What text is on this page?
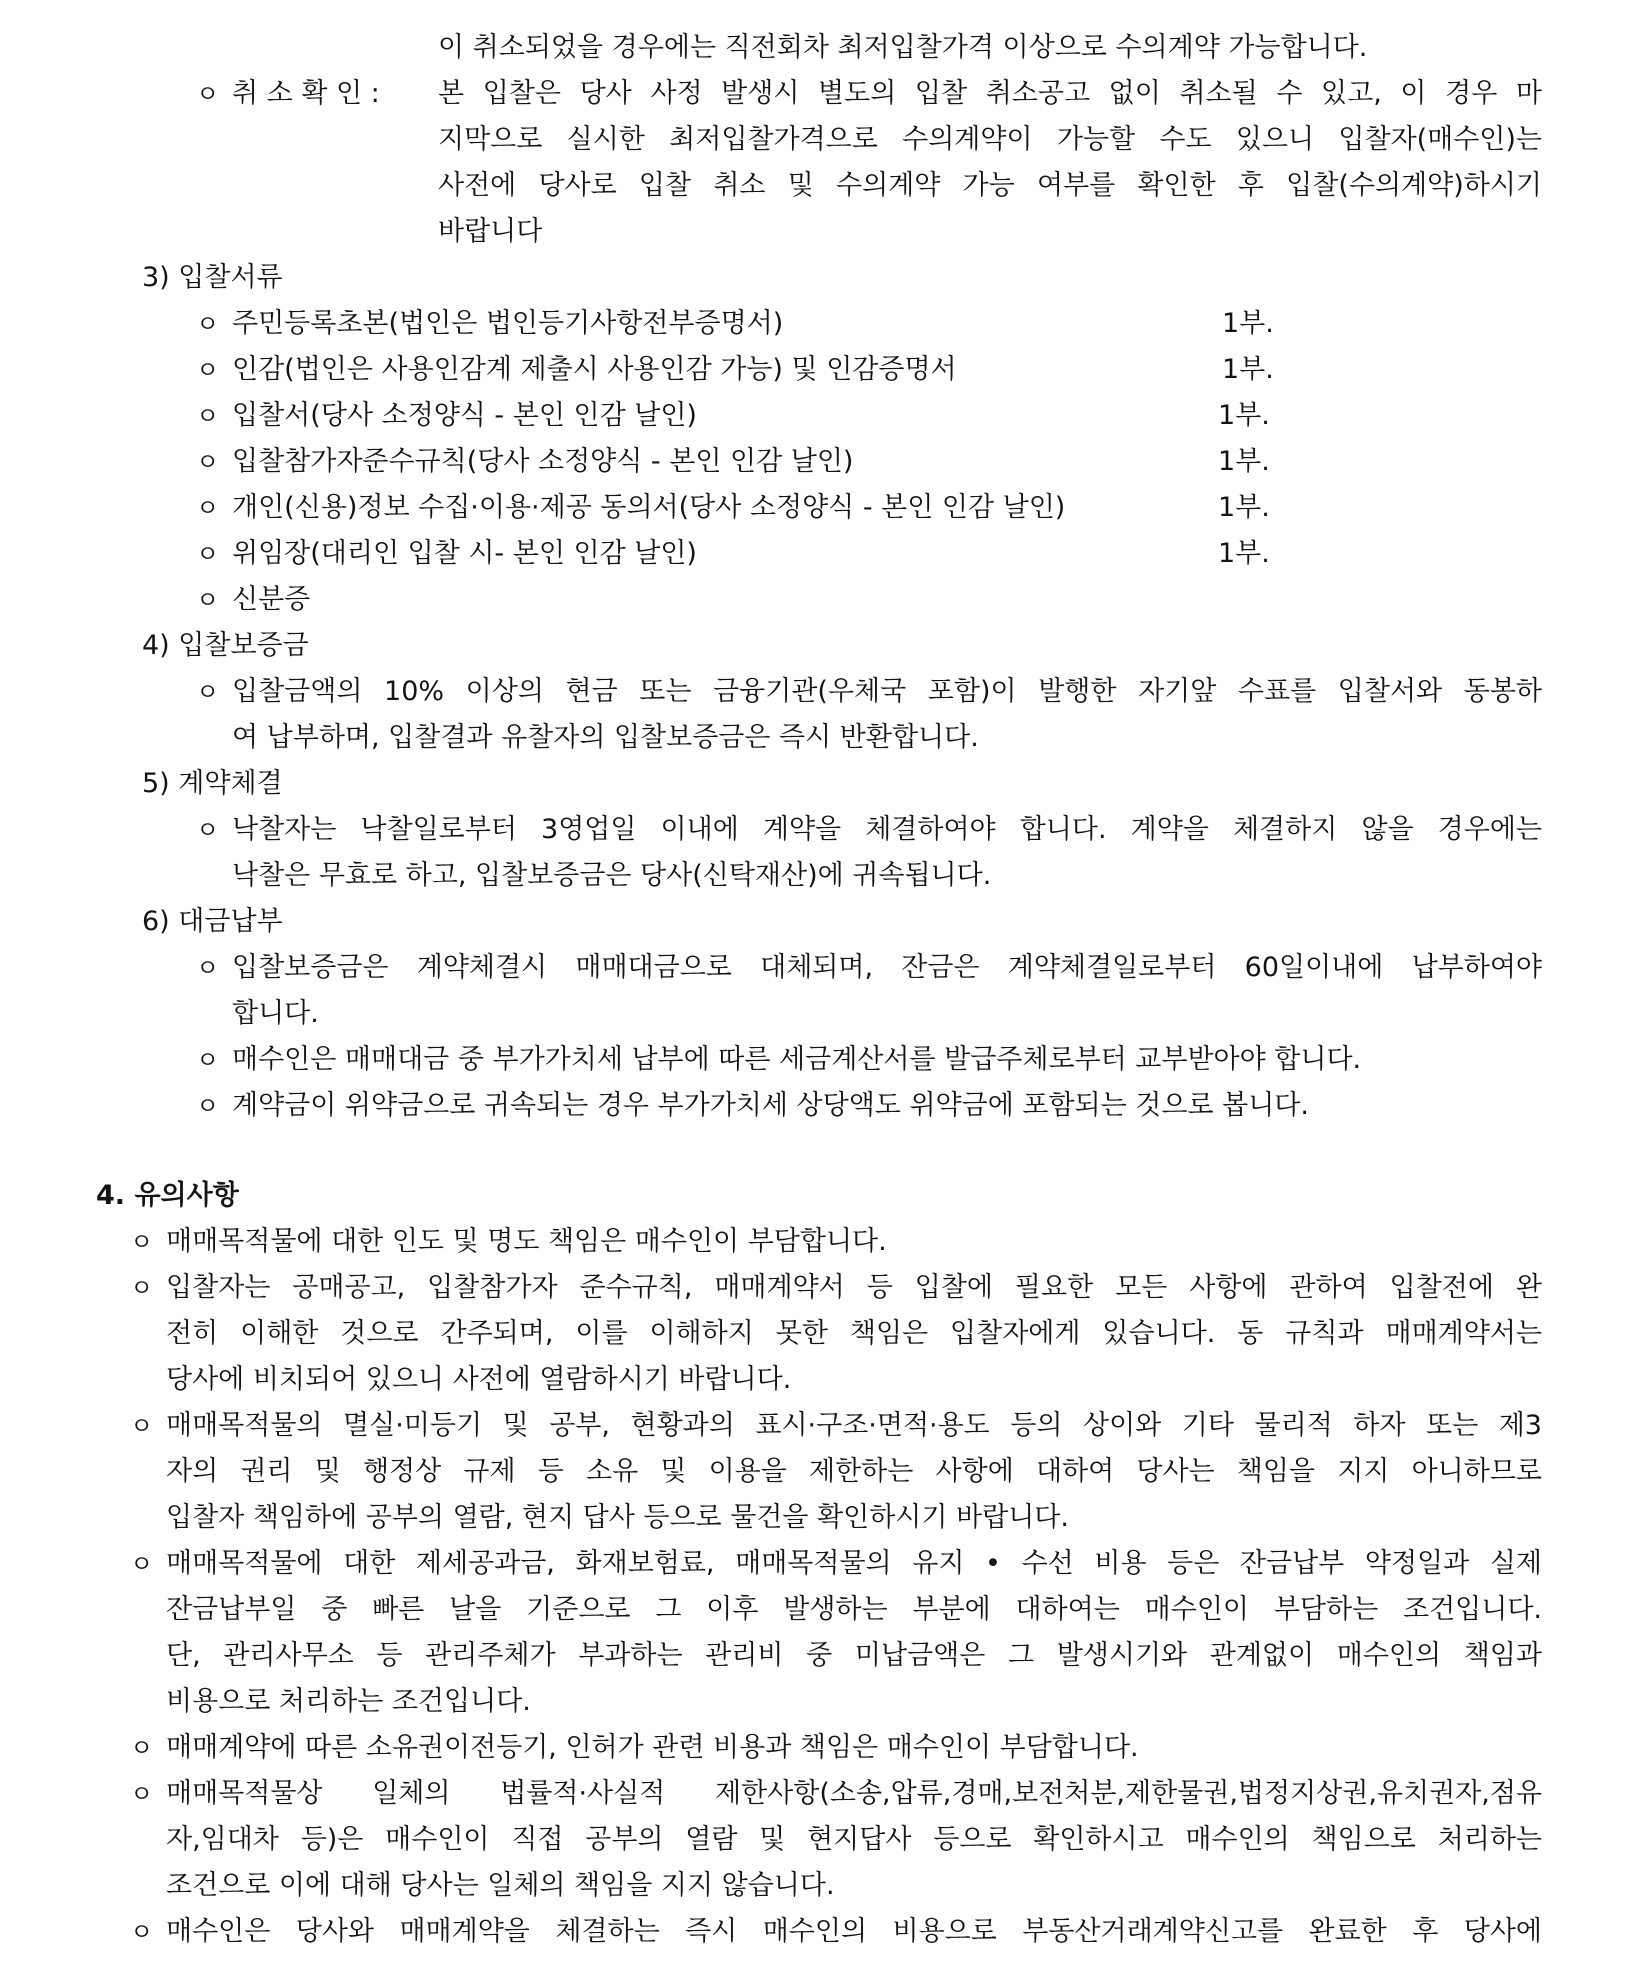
이 취소되었을 경우에는 직전회차 최저입찰가격 이상으로 수의계약 가능합니다.
ㅇ 취 소 확 인 : 본 입찰은 당사 사정 발생시 별도의 입찰 취소공고 없이 취소될 수 있고, 이 경우 마
지막으로 실시한 최저입찰가격으로 수의계약이 가능할 수도 있으니 입찰자(매수인)는
사전에 당사로 입찰 취소 및 수의계약 가능 여부를 확인한 후 입찰(수의계약)하시기
바랍니다
3) 입찰서류
ㅇ 주민등록초본(법인은 법인등기사항전부증명서)	1부.
ㅇ 인감(법인은 사용인감계 제출시 사용인감 가능) 및 인감증명서	1부.
ㅇ 입찰서(당사 소정양식 - 본인 인감 날인)	1부.
ㅇ 입찰참가자준수규칙(당사 소정양식 - 본인 인감 날인)	1부.
ㅇ 개인(신용)정보 수집·이용·제공 동의서(당사 소정양식 - 본인 인감 날인)	1부.
ㅇ 위임장(대리인 입찰 시- 본인 인감 날인)	1부.
ㅇ 신분증
4) 입찰보증금
ㅇ 입찰금액의 10% 이상의 현금 또는 금융기관(우체국 포함)이 발행한 자기앞 수표를 입찰서와 동봉하
여 납부하며, 입찰결과 유찰자의 입찰보증금은 즉시 반환합니다.
5) 계약체결
ㅇ 낙찰자는 낙찰일로부터 3영업일 이내에 계약을 체결하여야 합니다. 계약을 체결하지 않을 경우에는
낙찰은 무효로 하고, 입찰보증금은 당사(신탁재산)에 귀속됩니다.
6) 대금납부
ㅇ 입찰보증금은 계약체결시 매매대금으로 대체되며, 잔금은 계약체결일로부터 60일이내에 납부하여야
합니다.
ㅇ 매수인은 매매대금 중 부가가치세 납부에 따른 세금계산서를 발급주체로부터 교부받아야 합니다.
ㅇ 계약금이 위약금으로 귀속되는 경우 부가가치세 상당액도 위약금에 포함되는 것으로 봅니다.
4. 유의사항
ㅇ 매매목적물에 대한 인도 및 명도 책임은 매수인이 부담합니다.
ㅇ 입찰자는 공매공고, 입찰참가자 준수규칙, 매매계약서 등 입찰에 필요한 모든 사항에 관하여 입찰전에 완
전히 이해한 것으로 간주되며, 이를 이해하지 못한 책임은 입찰자에게 있습니다. 동 규칙과 매매계약서는
당사에 비치되어 있으니 사전에 열람하시기 바랍니다.
ㅇ 매매목적물의 멸실·미등기 및 공부, 현황과의 표시·구조·면적·용도 등의 상이와 기타 물리적 하자 또는 제3
자의 권리 및 행정상 규제 등 소유 및 이용을 제한하는 사항에 대하여 당사는 책임을 지지 아니하므로
입찰자 책임하에 공부의 열람, 현지 답사 등으로 물건을 확인하시기 바랍니다.
ㅇ 매매목적물에 대한 제세공과금, 화재보험료, 매매목적물의 유지 • 수선 비용 등은 잔금납부 약정일과 실제
잔금납부일 중 빠른 날을 기준으로 그 이후 발생하는 부분에 대하여는 매수인이 부담하는 조건입니다.
단, 관리사무소 등 관리주체가 부과하는 관리비 중 미납금액은 그 발생시기와 관계없이 매수인의 책임과
비용으로 처리하는 조건입니다.
ㅇ 매매계약에 따른 소유권이전등기, 인허가 관련 비용과 책임은 매수인이 부담합니다.
ㅇ 매매목적물상 일체의 법률적·사실적 제한사항(소송,압류,경매,보전처분,제한물권,법정지상권,유치권자,점유
자,임대차 등)은 매수인이 직접 공부의 열람 및 현지답사 등으로 확인하시고 매수인의 책임으로 처리하는
조건으로 이에 대해 당사는 일체의 책임을 지지 않습니다.
ㅇ 매수인은 당사와 매매계약을 체결하는 즉시 매수인의 비용으로 부동산거래계약신고를 완료한 후 당사에
